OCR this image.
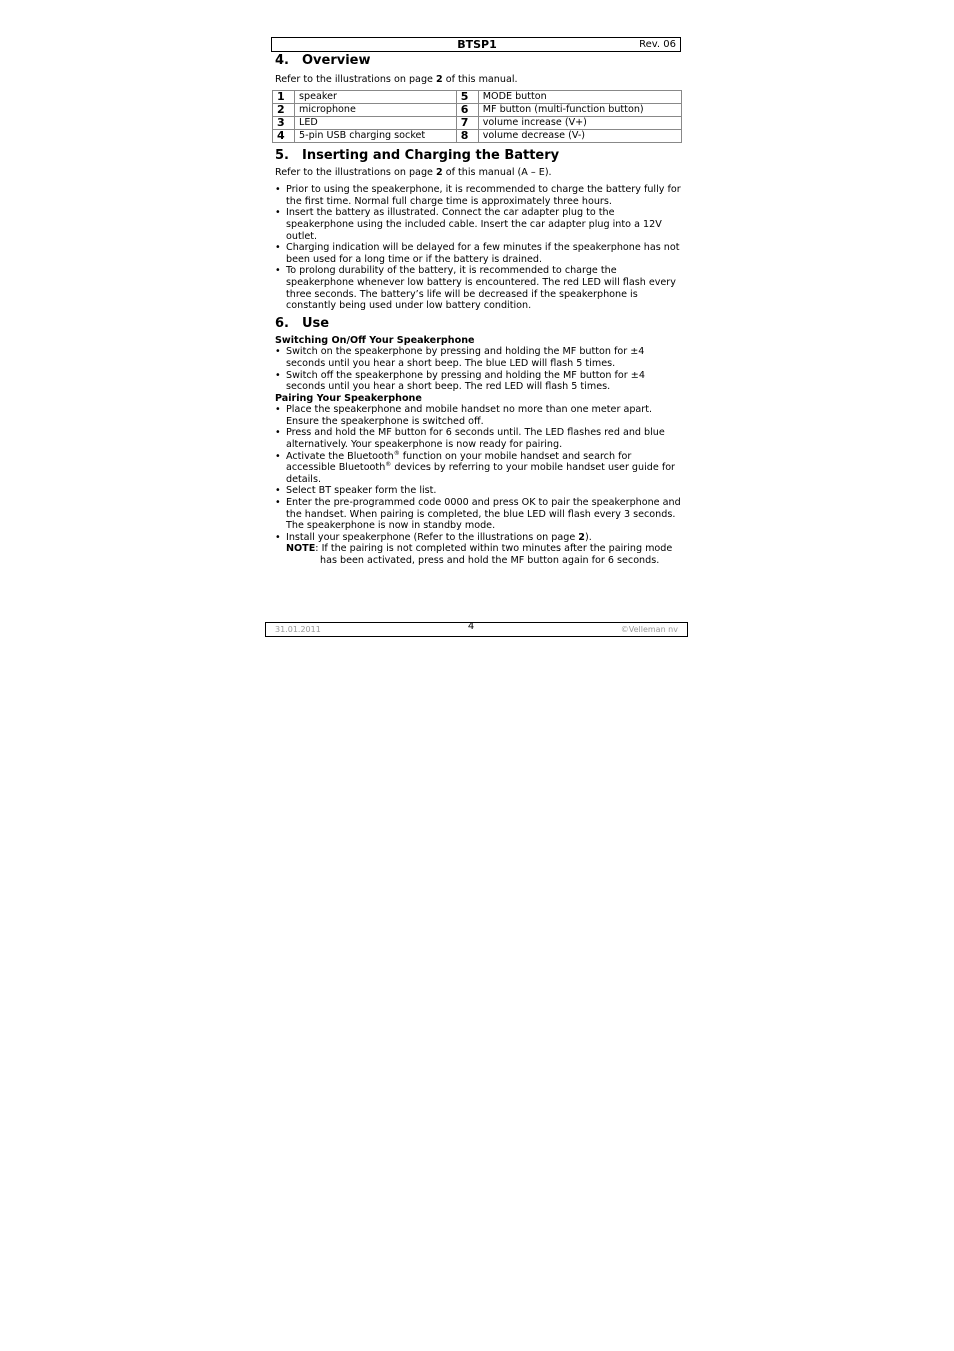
BTSP1	Rev. 06
4. Overview

Refer to the illustrations on page 2 of this manual.

1	speaker	5	MODE button
2	microphone	6	MF button (multi-function button)
3	LED	7	volume increase (V+)
4	5-pin USB charging socket	8	volume decrease (V-)
5. Inserting and Charging the Battery

Refer to the illustrations on page 2 of this manual (A – E).

• Prior to using the speakerphone, it is recommended to charge the battery fully for the first time. Normal full charge time is approximately three hours.
• Insert the battery as illustrated. Connect the car adapter plug to the speakerphone using the included cable. Insert the car adapter plug into a 12V outlet.
• Charging indication will be delayed for a few minutes if the speakerphone has not been used for a long time or if the battery is drained.
• To prolong durability of the battery, it is recommended to charge the speakerphone whenever low battery is encountered. The red LED will flash every three seconds. The battery’s life will be decreased if the speakerphone is constantly being used under low battery condition.
6. Use

Switching On/Off Your Speakerphone

• Switch on the speakerphone by pressing and holding the MF button for ±4 seconds until you hear a short beep. The blue LED will flash 5 times.
• Switch off the speakerphone by pressing and holding the MF button for ±4 seconds until you hear a short beep. The red LED will flash 5 times.

Pairing Your Speakerphone

• Place the speakerphone and mobile handset no more than one meter apart. Ensure the speakerphone is switched off.
• Press and hold the MF button for 6 seconds until. The LED flashes red and blue alternatively. Your speakerphone is now ready for pairing.
• Activate the Bluetooth® function on your mobile handset and search for accessible Bluetooth® devices by referring to your mobile handset user guide for details.
• Select BT speaker form the list.
• Enter the pre-programmed code 0000 and press OK to pair the speakerphone and the handset. When pairing is completed, the blue LED will flash every 3 seconds. The speakerphone is now in standby mode.
• Install your speakerphone (Refer to the illustrations on page 2).
NOTE: If the pairing is not completed within two minutes after the pairing mode
has been activated, press and hold the MF button again for 6 seconds.
31.01.2011	4	©Velleman nv
